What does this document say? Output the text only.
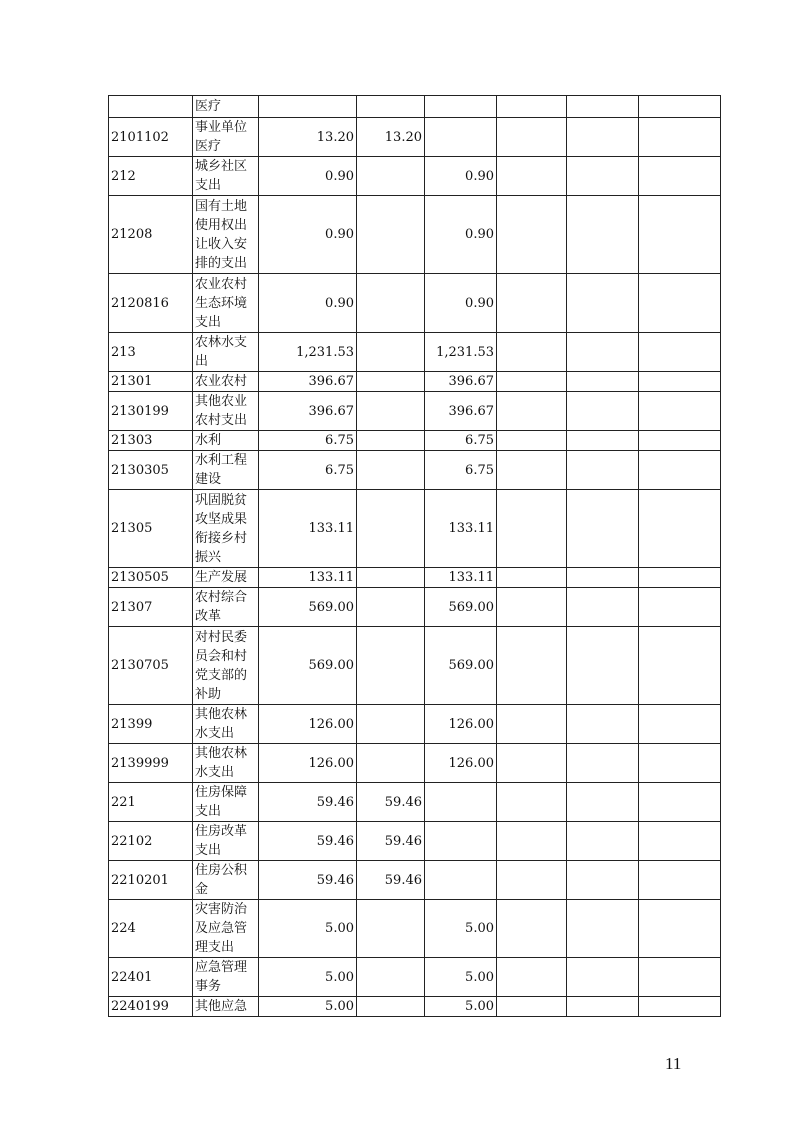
	医疗						
2101102	事业单位医疗	13.20	13.20				
212	城乡社区支出	0.90		0.90			
21208	国有土地使用权出让收入安排的支出	0.90		0.90			
2120816	农业农村生态环境支出	0.90		0.90			
213	农林水支出	1,231.53		1,231.53			
21301	农业农村	396.67		396.67			
2130199	其他农业农村支出	396.67		396.67			
21303	水利	6.75		6.75			
2130305	水利工程建设	6.75		6.75			
21305	巩固脱贫攻坚成果衔接乡村振兴	133.11		133.11			
2130505	生产发展	133.11		133.11			
21307	农村综合改革	569.00		569.00			
2130705	对村民委员会和村党支部的补助	569.00		569.00			
21399	其他农林水支出	126.00		126.00			
2139999	其他农林水支出	126.00		126.00			
221	住房保障支出	59.46	59.46				
22102	住房改革支出	59.46	59.46				
2210201	住房公积金	59.46	59.46				
224	灾害防治及应急管理支出	5.00		5.00			
22401	应急管理事务	5.00		5.00			
2240199	其他应急	5.00		5.00			
11
